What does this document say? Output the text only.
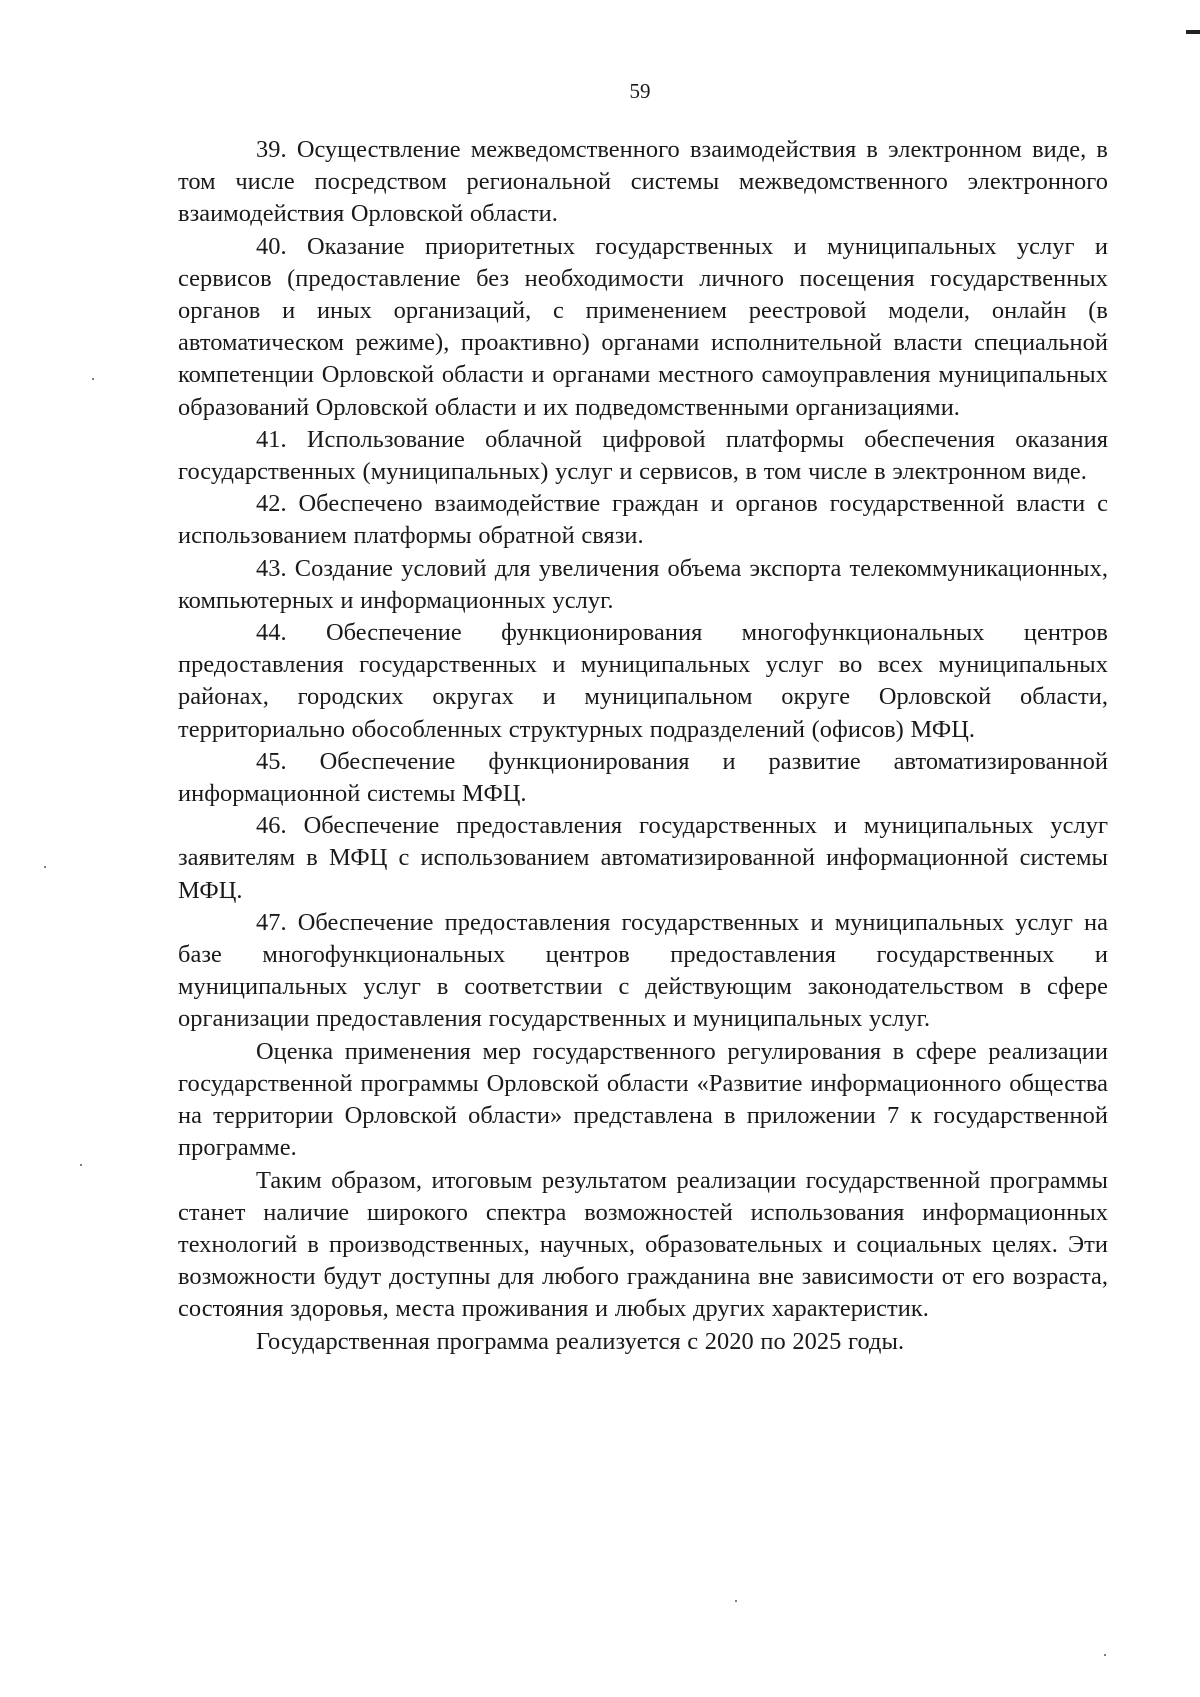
59

39. Осуществление межведомственного взаимодействия в электронном виде, в том числе посредством региональной системы межведомственного электронного взаимодействия Орловской области.

40. Оказание приоритетных государственных и муниципальных услуг и сервисов (предоставление без необходимости личного посещения государственных органов и иных организаций, с применением реестровой модели, онлайн (в автоматическом режиме), проактивно) органами исполнительной власти специальной компетенции Орловской области и органами местного самоуправления муниципальных образований Орловской области и их подведомственными организациями.

41. Использование облачной цифровой платформы обеспечения оказания государственных (муниципальных) услуг и сервисов, в том числе в электронном виде.

42. Обеспечено взаимодействие граждан и органов государственной власти с использованием платформы обратной связи.

43. Создание условий для увеличения объема экспорта телекоммуникационных, компьютерных и информационных услуг.

44. Обеспечение функционирования многофункциональных центров предоставления государственных и муниципальных услуг во всех муниципальных районах, городских округах и муниципальном округе Орловской области, территориально обособленных структурных подразделений (офисов) МФЦ.

45. Обеспечение функционирования и развитие автоматизированной информационной системы МФЦ.

46. Обеспечение предоставления государственных и муниципальных услуг заявителям в МФЦ с использованием автоматизированной информационной системы МФЦ.

47. Обеспечение предоставления государственных и муниципальных услуг на базе многофункциональных центров предоставления государственных и муниципальных услуг в соответствии с действующим законодательством в сфере организации предоставления государственных и муниципальных услуг.

Оценка применения мер государственного регулирования в сфере реализации государственной программы Орловской области «Развитие информационного общества на территории Орловской области» представлена в приложении 7 к государственной программе.

Таким образом, итоговым результатом реализации государственной программы станет наличие широкого спектра возможностей использования информационных технологий в производственных, научных, образовательных и социальных целях. Эти возможности будут доступны для любого гражданина вне зависимости от его возраста, состояния здоровья, места проживания и любых других характеристик.

Государственная программа реализуется с 2020 по 2025 годы.
